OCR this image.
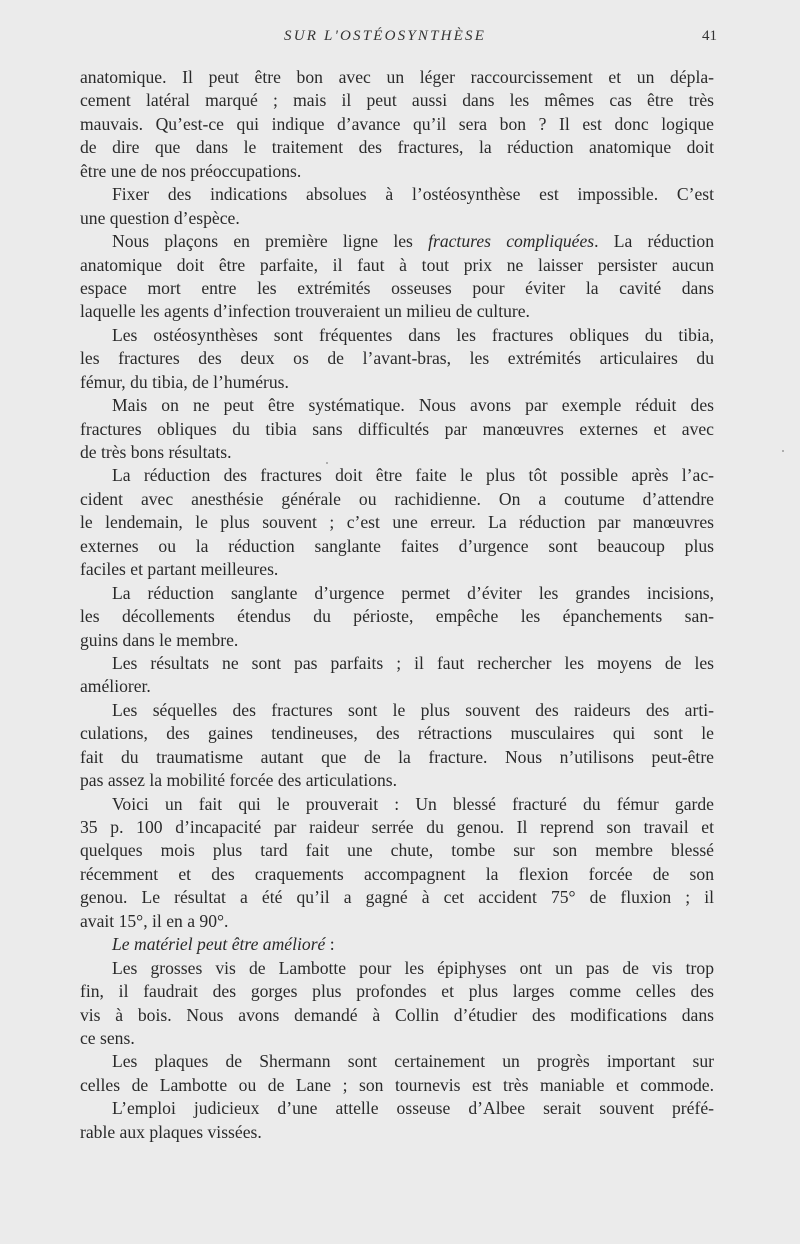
SUR L'OSTÉOSYNTHÈSE	41
anatomique. Il peut être bon avec un léger raccourcissement et un dépla-
cement latéral marqué ; mais il peut aussi dans les mêmes cas être très
mauvais. Qu’est-ce qui indique d’avance qu’il sera bon ? Il est donc logique
de dire que dans le traitement des fractures, la réduction anatomique doit
être une de nos préoccupations.
Fixer des indications absolues à l’ostéosynthèse est impossible. C’est
une question d’espèce.
Nous plaçons en première ligne les fractures compliquées. La réduction
anatomique doit être parfaite, il faut à tout prix ne laisser persister aucun
espace mort entre les extrémités osseuses pour éviter la cavité dans
laquelle les agents d’infection trouveraient un milieu de culture.
Les ostéosynthèses sont fréquentes dans les fractures obliques du tibia,
les fractures des deux os de l’avant-bras, les extrémités articulaires du
fémur, du tibia, de l’humérus.
Mais on ne peut être systématique. Nous avons par exemple réduit des
fractures obliques du tibia sans difficultés par manœuvres externes et avec
de très bons résultats.
La réduction des fractures doit être faite le plus tôt possible après l’ac-
cident avec anesthésie générale ou rachidienne. On a coutume d’attendre
le lendemain, le plus souvent ; c’est une erreur. La réduction par manœuvres
externes ou la réduction sanglante faites d’urgence sont beaucoup plus
faciles et partant meilleures.
La réduction sanglante d’urgence permet d’éviter les grandes incisions,
les décollements étendus du périoste, empêche les épanchements san-
guins dans le membre.
Les résultats ne sont pas parfaits ; il faut rechercher les moyens de les
améliorer.
Les séquelles des fractures sont le plus souvent des raideurs des arti-
culations, des gaines tendineuses, des rétractions musculaires qui sont le
fait du traumatisme autant que de la fracture. Nous n’utilisons peut-être
pas assez la mobilité forcée des articulations.
Voici un fait qui le prouverait : Un blessé fracturé du fémur garde
35 p. 100 d’incapacité par raideur serrée du genou. Il reprend son travail et
quelques mois plus tard fait une chute, tombe sur son membre blessé
récemment et des craquements accompagnent la flexion forcée de son
genou. Le résultat a été qu’il a gagné à cet accident 75° de fluxion ; il
avait 15°, il en a 90°.
Le matériel peut être amélioré :
Les grosses vis de Lambotte pour les épiphyses ont un pas de vis trop
fin, il faudrait des gorges plus profondes et plus larges comme celles des
vis à bois. Nous avons demandé à Collin d’étudier des modifications dans
ce sens.
Les plaques de Shermann sont certainement un progrès important sur
celles de Lambotte ou de Lane ; son tournevis est très maniable et commode.
L’emploi judicieux d’une attelle osseuse d’Albee serait souvent préfé-
rable aux plaques vissées.
